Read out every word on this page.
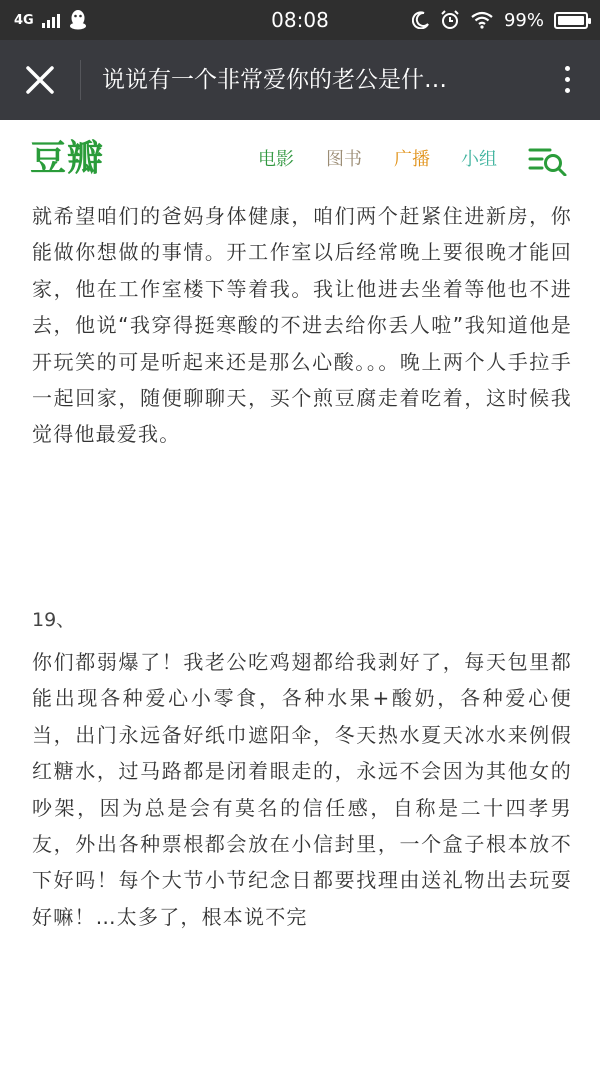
4G	08:08	99%
说说有一个非常爱你的老公是什…
豆瓣	电影 图书 广播 小组

就希望咱们的爸妈身体健康，咱们两个赶紧住进新房，你能做你想做的事情。开工作室以后经常晚上要很晚才能回家，他在工作室楼下等着我。我让他进去坐着等他也不进去，他说“我穿得挺寒酸的不进去给你丢人啦”我知道他是开玩笑的可是听起来还是那么心酸。。。晚上两个人手拉手一起回家，随便聊聊天，买个煎豆腐走着吃着，这时候我觉得他最爱我。

19、

你们都弱爆了！我老公吃鸡翅都给我剥好了，每天包里都能出现各种爱心小零食，各种水果+酸奶，各种爱心便当，出门永远备好纸巾遮阳伞，冬天热水夏天冰水来例假红糖水，过马路都是闭着眼走的，永远不会因为其他女的吵架，因为总是会有莫名的信任感，自称是二十四孝男友，外出各种票根都会放在小信封里，一个盒子根本放不下好吗！每个大节小节纪念日都要找理由送礼物出去玩耍好嘛！…太多了，根本说不完
